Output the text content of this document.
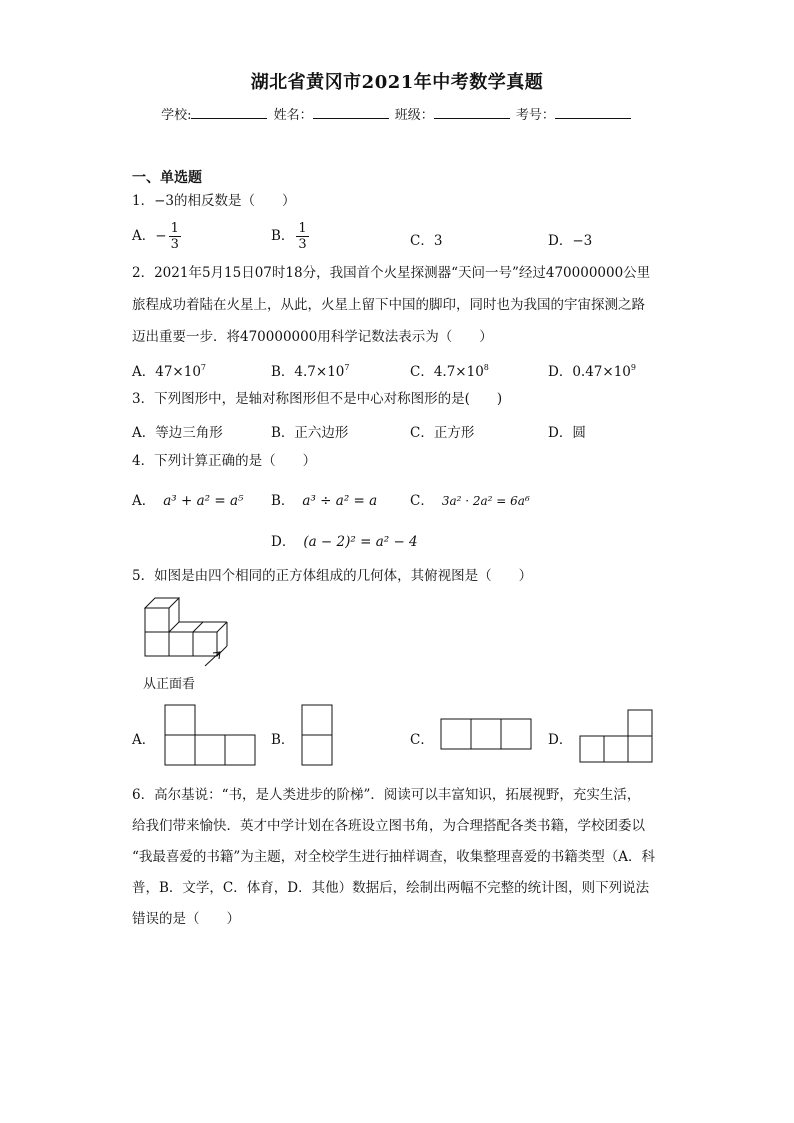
湖北省黄冈市2021年中考数学真题
学校:	姓名：	班级：	考号：
一、单选题
1．−3的相反数是（　　）
A．− $\frac{1}{3}$	B． $\frac{1}{3}$	C．3	D．−3
2．2021年5月15日07时18分，我国首个火星探测器“天问一号”经过470000000公里
旅程成功着陆在火星上，从此，火星上留下中国的脚印，同时也为我国的宇宙探测之路
迈出重要一步．将470000000用科学记数法表示为（　　）
A．$47\times 10^7$	B．$4.7\times 10^7$	C．$4.7\times 10^8$	D．$0.47\times 10^9$
3．下列图形中，是轴对称图形但不是中心对称图形的是(　　)
A．等边三角形	B．正六边形	C．正方形	D．圆
4．下列计算正确的是（　　）
A． a³ + a² = a⁵ B． a³ ÷ a² = a C． 3a² · 2a² = 6a⁶
D． (a − 2)² = a² − 4
5．如图是由四个相同的正方体组成的几何体，其俯视图是（　　）
从正面看
A．	B．	C．	D．
6．高尔基说：“书，是人类进步的阶梯”．阅读可以丰富知识，拓展视野，充实生活，
给我们带来愉快．英才中学计划在各班设立图书角，为合理搭配各类书籍，学校团委以
“我最喜爱的书籍”为主题，对全校学生进行抽样调查，收集整理喜爱的书籍类型（A．科
普，B．文学，C．体育，D．其他）数据后，绘制出两幅不完整的统计图，则下列说法
错误的是（　　）
